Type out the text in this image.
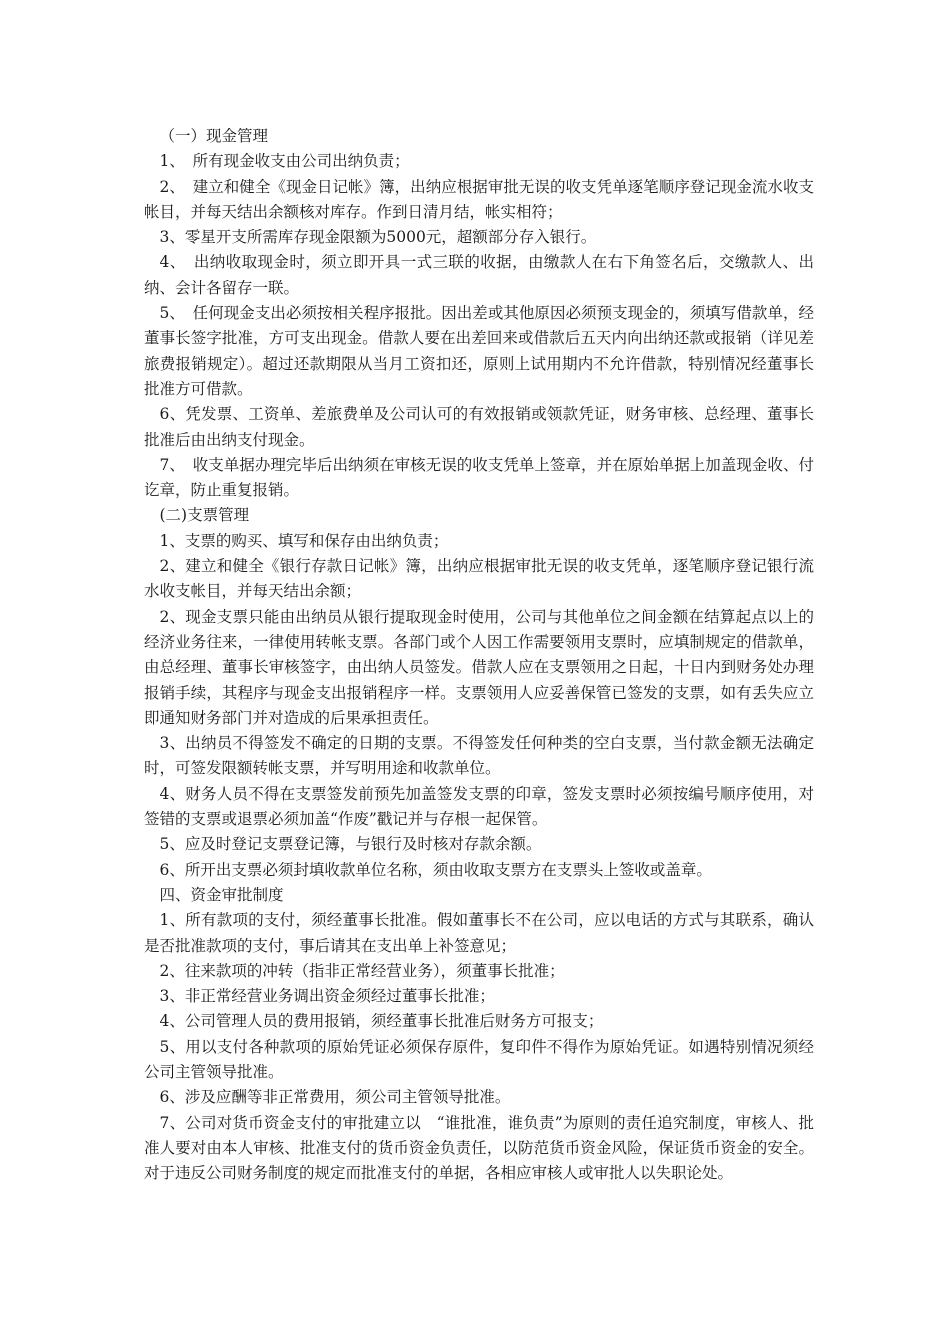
（一）现金管理

1、　所有现金收支由公司出纳负责；

2、　建立和健全《现金日记帐》簿，出纳应根据审批无误的收支凭单逐笔顺序登记现金流水收支帐目，并每天结出余额核对库存。作到日清月结，帐实相符；

3、零星开支所需库存现金限额为5000元，超额部分存入银行。

4、　出纳收取现金时，须立即开具一式三联的收据，由缴款人在右下角签名后，交缴款人、出纳、会计各留存一联。

5、　任何现金支出必须按相关程序报批。因出差或其他原因必须预支现金的，须填写借款单，经董事长签字批准，方可支出现金。借款人要在出差回来或借款后五天内向出纳还款或报销（详见差旅费报销规定）。超过还款期限从当月工资扣还，原则上试用期内不允许借款，特别情况经董事长批准方可借款。

6、凭发票、工资单、差旅费单及公司认可的有效报销或领款凭证，财务审核、总经理、董事长批准后由出纳支付现金。

7、　收支单据办理完毕后出纳须在审核无误的收支凭单上签章，并在原始单据上加盖现金收、付讫章，防止重复报销。

(二)支票管理

1、支票的购买、填写和保存由出纳负责；

2、建立和健全《银行存款日记帐》簿，出纳应根据审批无误的收支凭单，逐笔顺序登记银行流水收支帐目，并每天结出余额；

2、现金支票只能由出纳员从银行提取现金时使用，公司与其他单位之间金额在结算起点以上的经济业务往来，一律使用转帐支票。各部门或个人因工作需要领用支票时，应填制规定的借款单，由总经理、董事长审核签字，由出纳人员签发。借款人应在支票领用之日起，十日内到财务处办理报销手续，其程序与现金支出报销程序一样。支票领用人应妥善保管已签发的支票，如有丢失应立即通知财务部门并对造成的后果承担责任。

3、出纳员不得签发不确定的日期的支票。不得签发任何种类的空白支票，当付款金额无法确定时，可签发限额转帐支票，并写明用途和收款单位。

4、财务人员不得在支票签发前预先加盖签发支票的印章，签发支票时必须按编号顺序使用，对签错的支票或退票必须加盖“作废”戳记并与存根一起保管。

5、应及时登记支票登记簿，与银行及时核对存款余额。

6、所开出支票必须封填收款单位名称，须由收取支票方在支票头上签收或盖章。

四、资金审批制度

1、所有款项的支付，须经董事长批准。假如董事长不在公司，应以电话的方式与其联系，确认是否批准款项的支付，事后请其在支出单上补签意见；

2、往来款项的冲转（指非正常经营业务），须董事长批准；

3、非正常经营业务调出资金须经过董事长批准；

4、公司管理人员的费用报销，须经董事长批准后财务方可报支；

5、用以支付各种款项的原始凭证必须保存原件，复印件不得作为原始凭证。如遇特别情况须经公司主管领导批准。

6、涉及应酬等非正常费用，须公司主管领导批准。

7、公司对货币资金支付的审批建立以　“谁批准，谁负责”为原则的责任追究制度，审核人、批准人要对由本人审核、批准支付的货币资金负责任，以防范货币资金风险，保证货币资金的安全。对于违反公司财务制度的规定而批准支付的单据，各相应审核人或审批人以失职论处。
